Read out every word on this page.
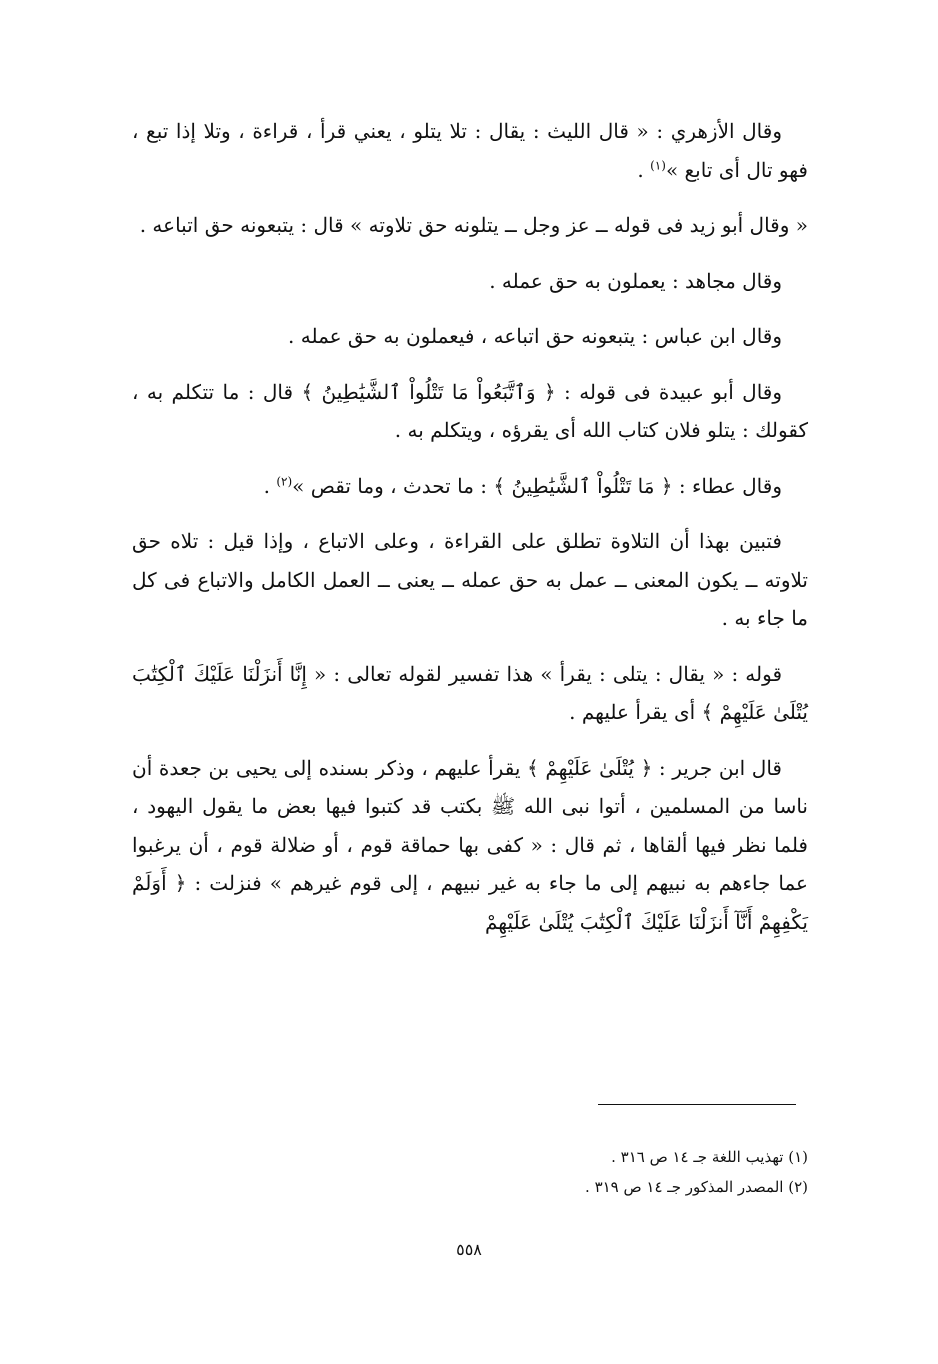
وقال الأزهري : « قال الليث : يقال : تلا يتلو ، يعني قرأ ، قراءة ، وتلا إذا تبع ، فهو تال أى تابع »$^{(١)}$ .

« وقال أبو زيد فى قوله ــ عز وجل ــ يتلونه حق تلاوته » قال : يتبعونه حق اتباعه .

وقال مجاهد : يعملون به حق عمله .

وقال ابن عباس : يتبعونه حق اتباعه ، فيعملون به حق عمله .

وقال أبو عبيدة فى قوله : ﴿ وَٱتَّبَعُواْ مَا تَتْلُواْ ٱلشَّيَٰطِينُ ﴾ قال : ما تتكلم به ، كقولك : يتلو فلان كتاب الله أى يقرؤه ، ويتكلم به .

وقال عطاء : ﴿ مَا تَتْلُواْ ٱلشَّيَٰطِينُ ﴾ : ما تحدث ، وما تقص »$^{(٢)}$ .

فتبين بهذا أن التلاوة تطلق على القراءة ، وعلى الاتباع ، وإذا قيل : تلاه حق تلاوته ــ يكون المعنى ــ عمل به حق عمله ــ يعنى ــ العمل الكامل والاتباع فى كل ما جاء به .

قوله : « يقال : يتلى : يقرأ » هذا تفسير لقوله تعالى : « إِنَّا أَنزَلْنَا عَلَيْكَ ٱلْكِتَٰبَ يُتْلَىٰ عَلَيْهِمْ ﴾ أى يقرأ عليهم .

قال ابن جرير : ﴿ يُتْلَىٰ عَلَيْهِمْ ﴾ يقرأ عليهم ، وذكر بسنده إلى يحيى بن جعدة أن ناسا من المسلمين ، أتوا نبى الله ﷺ بكتب قد كتبوا فيها بعض ما يقول اليهود ، فلما نظر فيها ألقاها ، ثم قال : « كفى بها حماقة قوم ، أو ضلالة قوم ، أن يرغبوا عما جاءهم به نبيهم إلى ما جاء به غير نبيهم ، إلى قوم غيرهم » فنزلت : ﴿ أَوَلَمْ يَكْفِهِمْ أَنَّآ أَنزَلْنَا عَلَيْكَ ٱلْكِتَٰبَ يُتْلَىٰ عَلَيْهِمْ

(١) تهذيب اللغة جـ ١٤ ص ٣١٦ .

(٢) المصدر المذكور جـ ١٤ ص ٣١٩ .

٥٥٨
